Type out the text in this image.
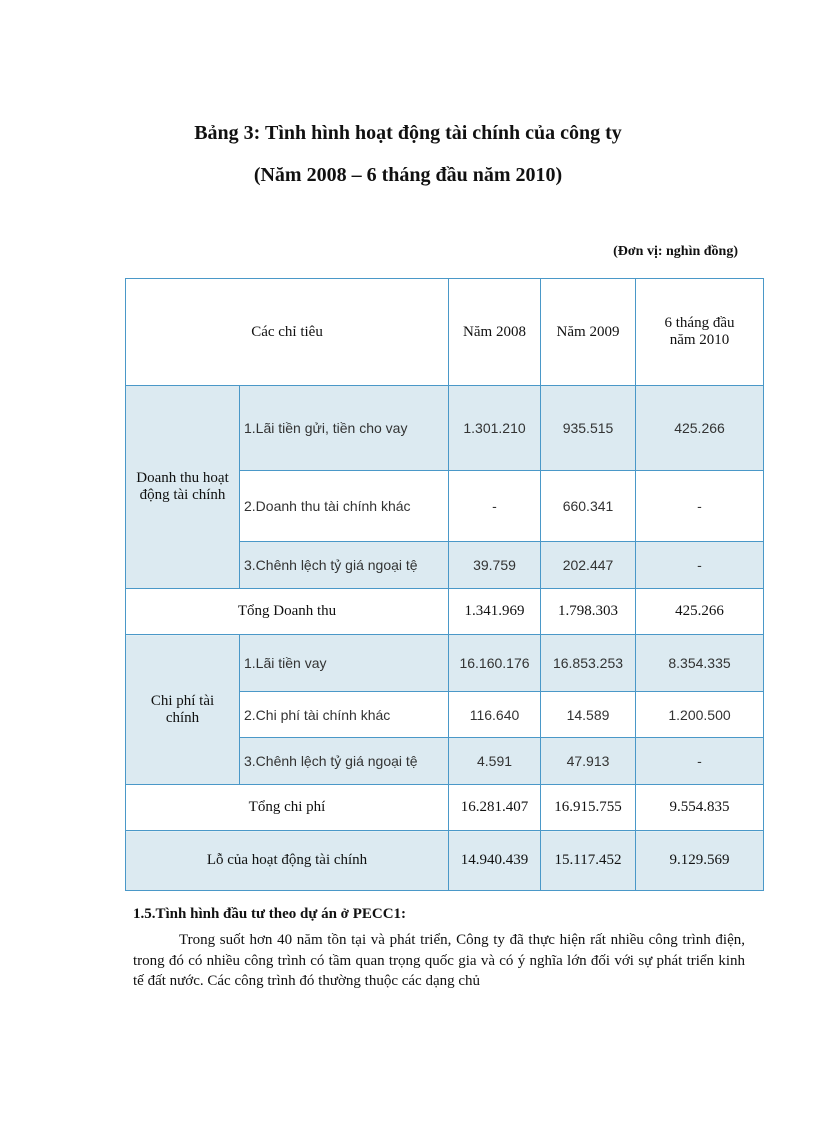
Bảng 3: Tình hình hoạt động tài chính của công ty
(Năm 2008 – 6 tháng đầu năm 2010)
(Đơn vị: nghìn đồng)
Các chỉ tiêu		Năm 2008	Năm 2009	6 tháng đầu
năm 2010
Doanh thu hoạt động tài chính	1.Lãi tiền gửi, tiền cho vay	1.301.210	935.515	425.266
	2.Doanh thu tài chính khác	-	660.341	-
	3.Chênh lệch tỷ giá ngoại tệ	39.759	202.447	-
Tổng Doanh thu		1.341.969	1.798.303	425.266
Chi phí tài chính	1.Lãi tiền vay	16.160.176	16.853.253	8.354.335
	2.Chi phí tài chính khác	116.640	14.589	1.200.500
	3.Chênh lệch tỷ giá ngoại tệ	4.591	47.913	-
Tổng chi phí		16.281.407	16.915.755	9.554.835
Lỗ của hoạt động tài chính		14.940.439	15.117.452	9.129.569
1.5.Tình hình đầu tư theo dự án ở PECC1:

Trong suốt hơn 40 năm tồn tại và phát triển, Công ty đã thực hiện rất nhiều công trình điện, trong đó có nhiều công trình có tầm quan trọng quốc gia và có ý nghĩa lớn đối với sự phát triển kinh tế đất nước. Các công trình đó thường thuộc các dạng chủ
